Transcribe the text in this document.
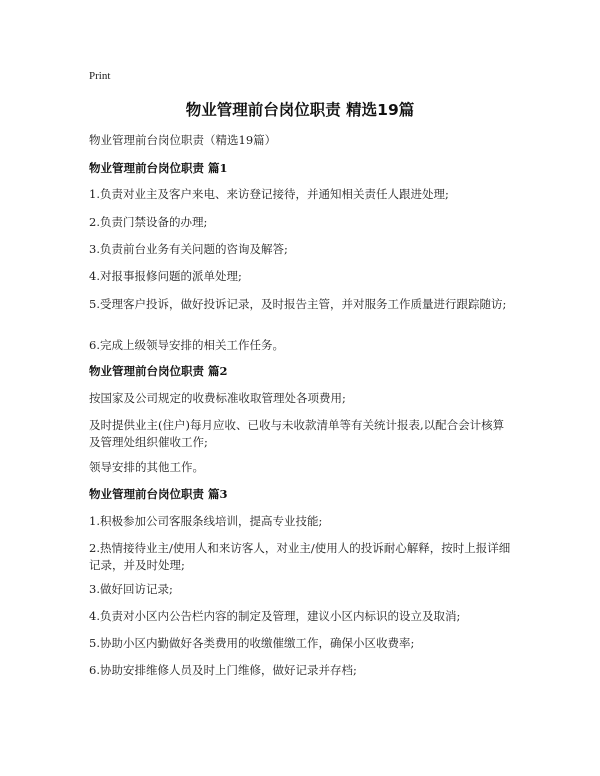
Print
物业管理前台岗位职责 精选19篇
物业管理前台岗位职责（精选19篇）
物业管理前台岗位职责 篇1
1.负责对业主及客户来电、来访登记接待，并通知相关责任人跟进处理;
2.负责门禁设备的办理;
3.负责前台业务有关问题的咨询及解答;
4.对报事报修问题的派单处理;
5.受理客户投诉，做好投诉记录，及时报告主管，并对服务工作质量进行跟踪随访;
6.完成上级领导安排的相关工作任务。
物业管理前台岗位职责 篇2
按国家及公司规定的收费标准收取管理处各项费用;
及时提供业主(住户)每月应收、已收与未收款清单等有关统计报表,以配合会计核算及管理处组织催收工作;
领导安排的其他工作。
物业管理前台岗位职责 篇3
1.积极参加公司客服条线培训，提高专业技能;
2.热情接待业主/使用人和来访客人，对业主/使用人的投诉耐心解释，按时上报详细记录，并及时处理;
3.做好回访记录;
4.负责对小区内公告栏内容的制定及管理，建议小区内标识的设立及取消;
5.协助小区内勤做好各类费用的收缴催缴工作，确保小区收费率;
6.协助安排维修人员及时上门维修，做好记录并存档;
